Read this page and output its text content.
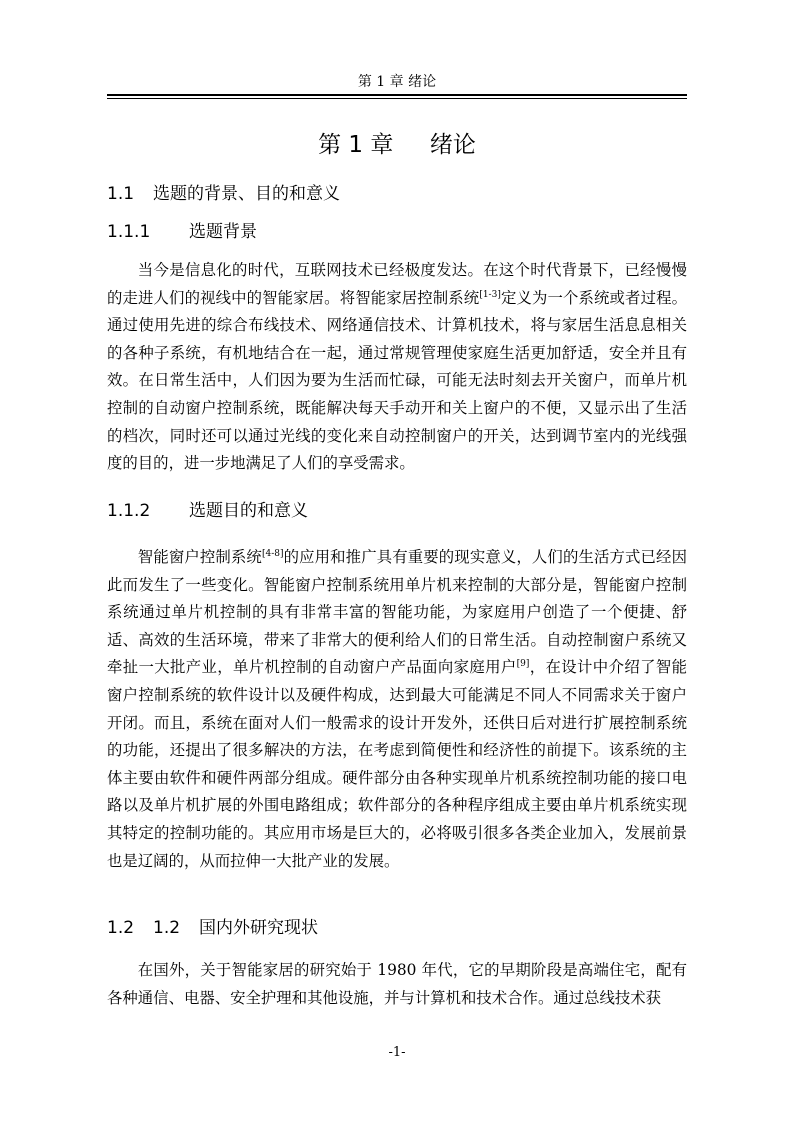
第 1 章 绪论
第 1 章     绪论
1.1 选题的背景、目的和意义
1.1.1 选题背景

当今是信息化的时代，互联网技术已经极度发达。在这个时代背景下，已经慢慢的走进人们的视线中的智能家居。将智能家居控制系统[1-3]定义为一个系统或者过程。通过使用先进的综合布线技术、网络通信技术、计算机技术，将与家居生活息息相关的各种子系统，有机地结合在一起，通过常规管理使家庭生活更加舒适，安全并且有效。在日常生活中，人们因为要为生活而忙碌，可能无法时刻去开关窗户，而单片机控制的自动窗户控制系统，既能解决每天手动开和关上窗户的不便，又显示出了生活的档次，同时还可以通过光线的变化来自动控制窗户的开关，达到调节室内的光线强度的目的，进一步地满足了人们的享受需求。

1.1.2 选题目的和意义

智能窗户控制系统[4-8]的应用和推广具有重要的现实意义，人们的生活方式已经因此而发生了一些变化。智能窗户控制系统用单片机来控制的大部分是，智能窗户控制系统通过单片机控制的具有非常丰富的智能功能，为家庭用户创造了一个便捷、舒适、高效的生活环境，带来了非常大的便利给人们的日常生活。自动控制窗户系统又牵扯一大批产业，单片机控制的自动窗户产品面向家庭用户[9]，在设计中介绍了智能窗户控制系统的软件设计以及硬件构成，达到最大可能满足不同人不同需求关于窗户开闭。而且，系统在面对人们一般需求的设计开发外，还供日后对进行扩展控制系统的功能，还提出了很多解决的方法，在考虑到简便性和经济性的前提下。该系统的主体主要由软件和硬件两部分组成。硬件部分由各种实现单片机系统控制功能的接口电路以及单片机扩展的外围电路组成；软件部分的各种程序组成主要由单片机系统实现其特定的控制功能的。其应用市场是巨大的，必将吸引很多各类企业加入，发展前景也是辽阔的，从而拉伸一大批产业的发展。

1.2 1.2 国内外研究现状

在国外，关于智能家居的研究始于 1980 年代，它的早期阶段是高端住宅，配有各种通信、电器、安全护理和其他设施，并与计算机和技术合作。通过总线技术获

-1-
